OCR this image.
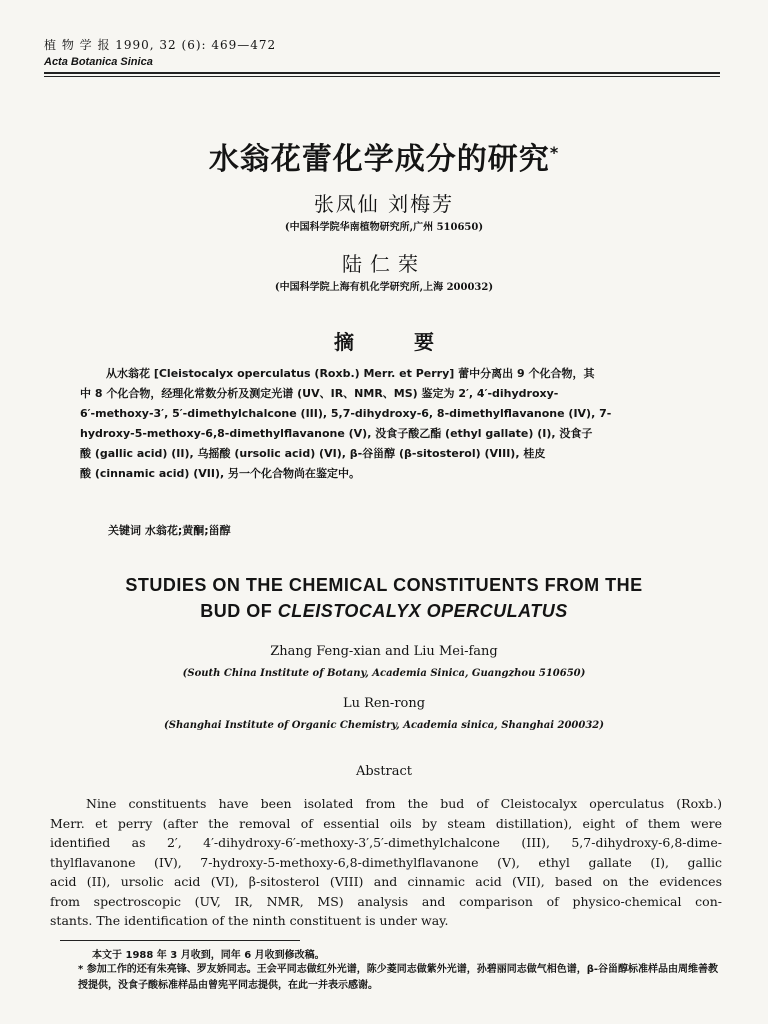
植 物 学 报 1990, 32 (6): 469—472
Acta Botanica Sinica
水翁花蕾化学成分的研究*
张凤仙 刘梅芳
(中国科学院华南植物研究所,广州 510650)
陆仁荣
(中国科学院上海有机化学研究所,上海 200032)
摘要
从水翁花 [Cleistocalyx operculatus (Roxb.) Merr. et Perry] 蕾中分离出 9 个化合物，其
中 8 个化合物，经理化常数分析及测定光谱 (UV、IR、NMR、MS) 鉴定为 2′, 4′-dihydroxy-
6′-methoxy-3′, 5′-dimethylchalcone (III), 5,7-dihydroxy-6, 8-dimethylflavanone (IV), 7-
hydroxy-5-methoxy-6,8-dimethylflavanone (V), 没食子酸乙酯 (ethyl gallate) (I), 没食子
酸 (gallic acid) (II), 乌摇酸 (ursolic acid) (VI), β-谷甾醇 (β-sitosterol) (VIII), 桂皮
酸 (cinnamic acid) (VII), 另一个化合物尚在鉴定中。
关键词 水翁花;黄酮;甾醇
STUDIES ON THE CHEMICAL CONSTITUENTS FROM THE
BUD OF CLEISTOCALYX OPERCULATUS
Zhang Feng-xian and Liu Mei-fang
(South China Institute of Botany, Academia Sinica, Guangzhou 510650)
Lu Ren-rong
(Shanghai Institute of Organic Chemistry, Academia sinica, Shanghai 200032)
Abstract
Nine constituents have been isolated from the bud of Cleistocalyx operculatus (Roxb.)
Merr. et perry (after the removal of essential oils by steam distillation), eight of them were
identified as 2′, 4′-dihydroxy-6′-methoxy-3′,5′-dimethylchalcone (III), 5,7-dihydroxy-6,8-dime-
thylflavanone (IV), 7-hydroxy-5-methoxy-6,8-dimethylflavanone (V), ethyl gallate (I), gallic
acid (II), ursolic acid (VI), β-sitosterol (VIII) and cinnamic acid (VII), based on the evidences
from spectroscopic (UV, IR, NMR, MS) analysis and comparison of physico-chemical con-
stants. The identification of the ninth constituent is under way.
本文于 1988 年 3 月收到，同年 6 月收到修改稿。
* 参加工作的还有朱亮锋、罗友娇同志。王会平同志做红外光谱，陈少菱同志做紫外光谱，孙碧丽同志做气相色谱，β-谷甾醇标准样品由周维善教授提供，没食子酸标准样品由曾宪平同志提供，在此一并表示感谢。
